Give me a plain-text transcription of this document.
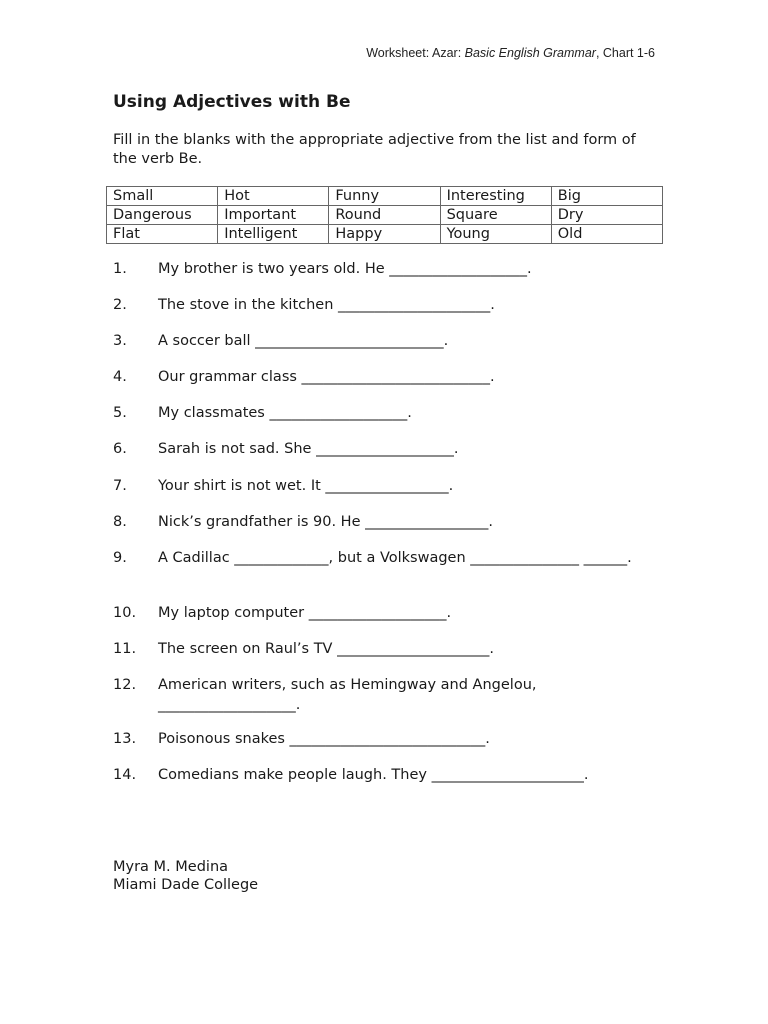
Worksheet: Azar: Basic English Grammar, Chart 1-6
Using Adjectives with Be

Fill in the blanks with the appropriate adjective from the list and form of the verb Be.

Small	Hot	Funny	Interesting	Big
Dangerous	Important	Round	Square	Dry
Flat	Intelligent	Happy	Young	Old
1. My brother is two years old. He ___________________.
2. The stove in the kitchen _____________________.
3. A soccer ball __________________________.
4. Our grammar class __________________________.
5. My classmates ___________________.
6. Sarah is not sad. She ___________________.
7. Your shirt is not wet. It _________________.
8. Nick’s grandfather is 90. He _________________.
9.	A Cadillac _____________, but a Volkswagen _______________ ______.
10. My laptop computer ___________________.
11. The screen on Raul’s TV _____________________.
12. American writers, such as Hemingway and Angelou, ___________________.
13. Poisonous snakes ___________________________.
14. Comedians make people laugh. They _____________________.
Myra M. Medina
Miami Dade College
